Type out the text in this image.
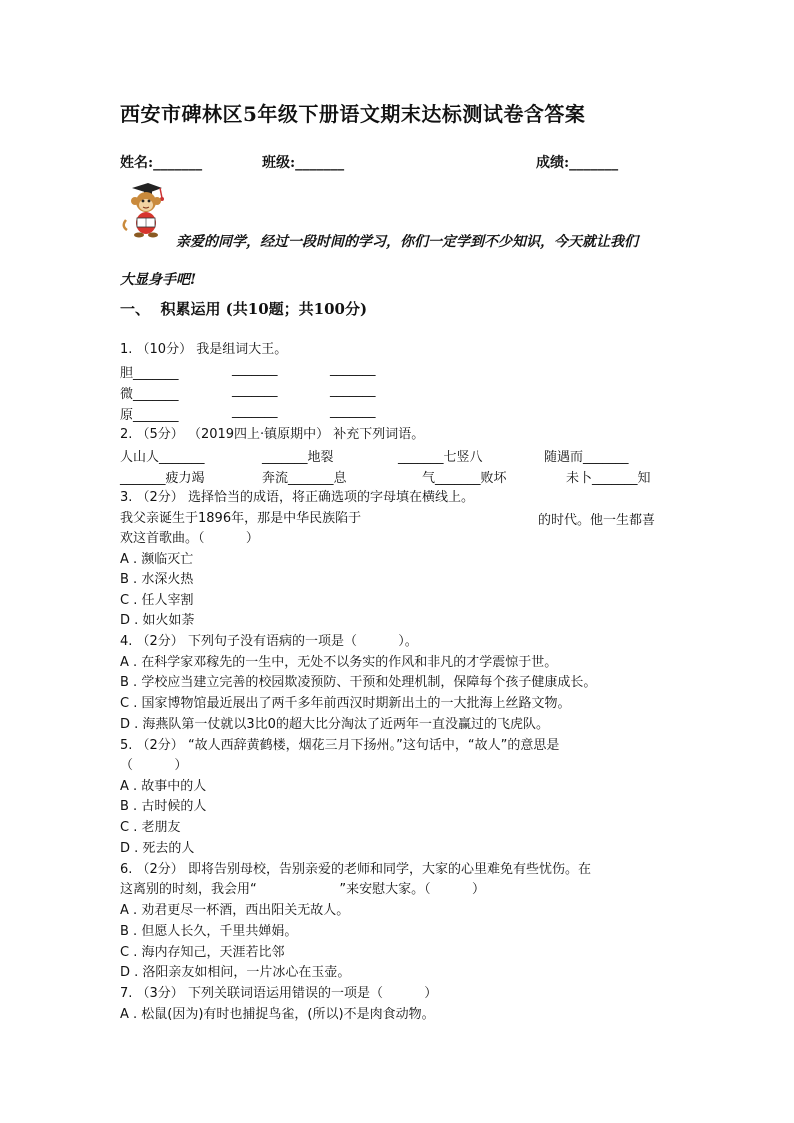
西安市碑林区5年级下册语文期末达标测试卷含答案
姓名:_______	班级:_______	成绩:_______
亲爱的同学，经过一段时间的学习，你们一定学到不少知识，今天就让我们
大显身手吧!
一、  积累运用 (共10题；共100分)
1. （10分） 我是组词大王。
胆_______	_______	_______
微_______	_______	_______
原_______	_______	_______
2. （5分） （2019四上·镇原期中） 补充下列词语。
人山人_______	_______地裂	_______七竖八	随遇而_______
_______疲力竭	奔流_______息	气_______败坏	未卜_______知
3. （2分） 选择恰当的成语，将正确选项的字母填在横线上。
我父亲诞生于1896年，那是中华民族陷于	的时代。他一生都喜
欢这首歌曲。（          ）
A . 濒临灭亡
B . 水深火热
C . 任人宰割
D . 如火如荼
4. （2分） 下列句子没有语病的一项是（          ）。
A . 在科学家邓稼先的一生中，无处不以务实的作风和非凡的才学震惊于世。
B . 学校应当建立完善的校园欺凌预防、干预和处理机制，保障每个孩子健康成长。
C . 国家博物馆最近展出了两千多年前西汉时期新出土的一大批海上丝路文物。
D . 海燕队第一仗就以3比0的超大比分淘汰了近两年一直没赢过的飞虎队。
5. （2分） “故人西辞黄鹤楼，烟花三月下扬州。”这句话中，“故人”的意思是
（          ）
A . 故事中的人
B . 古时候的人
C . 老朋友
D . 死去的人
6. （2分） 即将告别母校，告别亲爱的老师和同学，大家的心里难免有些忧伤。在
这离别的时刻，我会用“                    ”来安慰大家。（          ）
A . 劝君更尽一杯酒，西出阳关无故人。
B . 但愿人长久，千里共婵娟。
C . 海内存知己，天涯若比邻
D . 洛阳亲友如相问，一片冰心在玉壶。
7. （3分） 下列关联词语运用错误的一项是（          ）
A . 松鼠(因为)有时也捕捉鸟雀，(所以)不是肉食动物。
